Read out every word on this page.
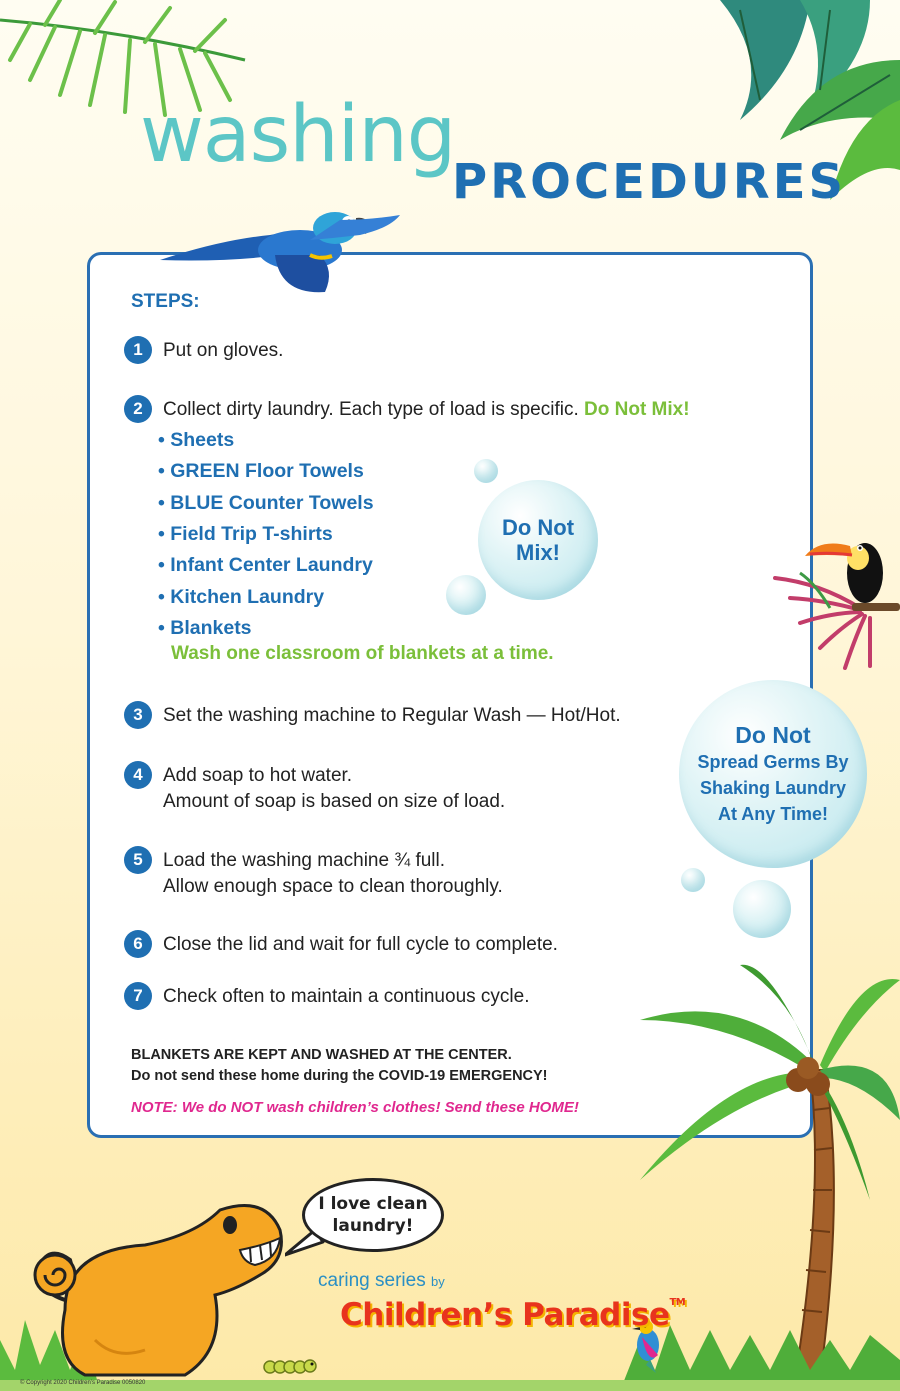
washing
PROCEDURES
STEPS:
1	Put on gloves.
2	Collect dirty laundry. Each type of load is specific. Do Not Mix!
• Sheets
• GREEN Floor Towels
• BLUE Counter Towels
• Field Trip T-shirts
• Infant Center Laundry
• Kitchen Laundry
• Blankets
Wash one classroom of blankets at a time.
Do Not
Mix!
Do Not
Spread Germs By
Shaking Laundry
At Any Time!
3	Set the washing machine to Regular Wash — Hot/Hot.
4	Add soap to hot water.
Amount of soap is based on size of load.
5	Load the washing machine ¾ full.
Allow enough space to clean thoroughly.
6	Close the lid and wait for full cycle to complete.
7	Check often to maintain a continuous cycle.
BLANKETS ARE KEPT AND WASHED AT THE CENTER.
Do not send these home during the COVID-19 EMERGENCY!
NOTE: We do NOT wash children’s clothes! Send these HOME!
I love clean
laundry!
caring series by
Children’s Paradise™
© Copyright 2020 Children’s Paradise 0050820
